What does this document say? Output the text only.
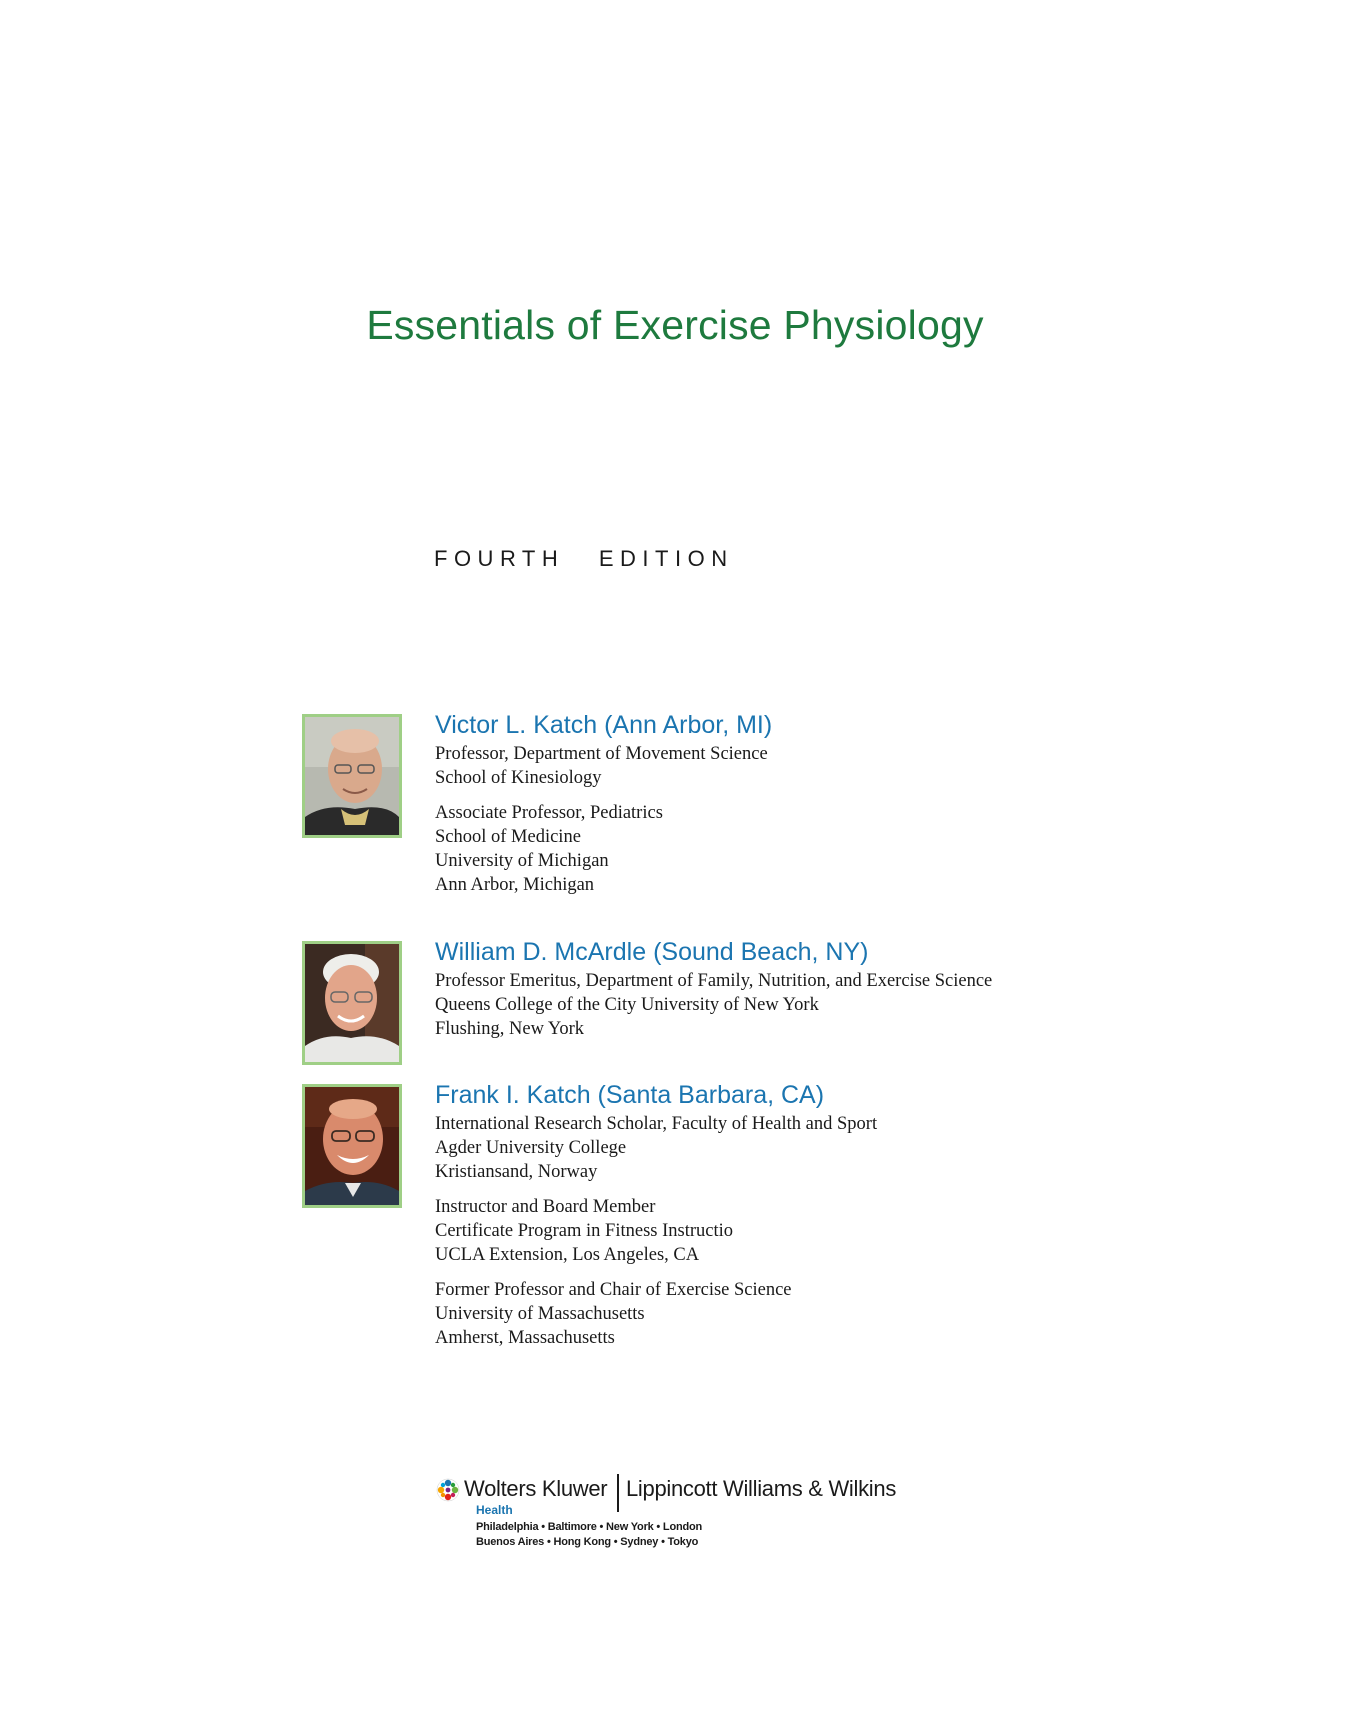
Essentials of Exercise Physiology
FOURTH EDITION
Victor L. Katch (Ann Arbor, MI)
Professor, Department of Movement Science
School of Kinesiology
Associate Professor, Pediatrics
School of Medicine
University of Michigan
Ann Arbor, Michigan
William D. McArdle (Sound Beach, NY)
Professor Emeritus, Department of Family, Nutrition, and Exercise Science
Queens College of the City University of New York
Flushing, New York
Frank I. Katch (Santa Barbara, CA)
International Research Scholar, Faculty of Health and Sport
Agder University College
Kristiansand, Norway
Instructor and Board Member
Certificate Program in Fitness Instructio
UCLA Extension, Los Angeles, CA
Former Professor and Chair of Exercise Science
University of Massachusetts
Amherst, Massachusetts
Wolters Kluwer Lippincott Williams & Wilkins
Health
Philadelphia • Baltimore • New York • London
Buenos Aires • Hong Kong • Sydney • Tokyo
